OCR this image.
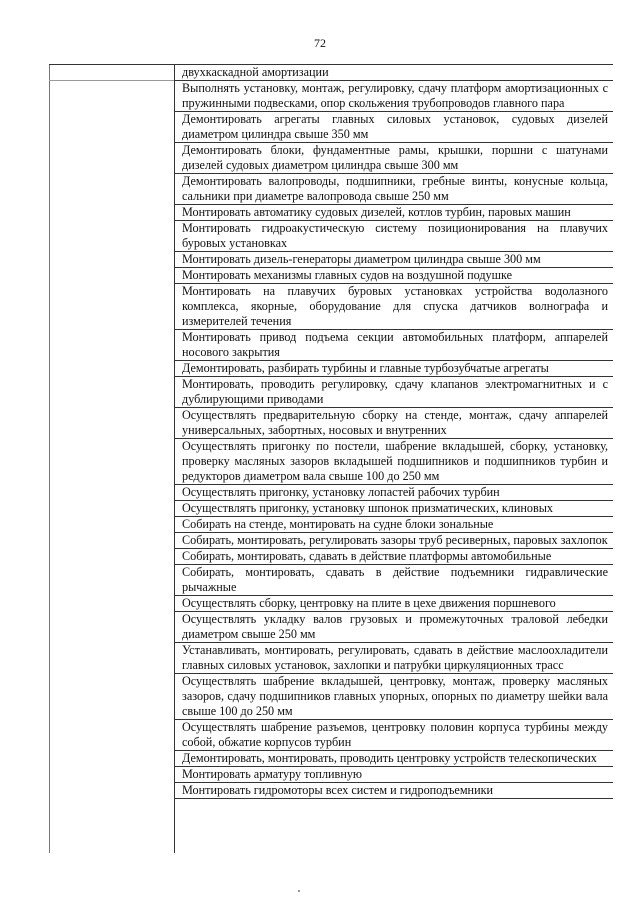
72
двухкаскадной амортизации
Выполнять установку, монтаж, регулировку, сдачу платформ амортизационных с пружинными подвесками, опор скольжения трубопроводов главного пара
Демонтировать агрегаты главных силовых установок, судовых дизелей диаметром цилиндра свыше 350 мм
Демонтировать блоки, фундаментные рамы, крышки, поршни с шатунами дизелей судовых диаметром цилиндра свыше 300 мм
Демонтировать валопроводы, подшипники, гребные винты, конусные кольца, сальники при диаметре валопровода свыше 250 мм
Монтировать автоматику судовых дизелей, котлов турбин, паровых машин
Монтировать гидроакустическую систему позиционирования на плавучих буровых установках
Монтировать дизель-генераторы диаметром цилиндра свыше 300 мм
Монтировать механизмы главных судов на воздушной подушке
Монтировать на плавучих буровых установках устройства водолазного комплекса, якорные, оборудование для спуска датчиков волнографа и измерителей течения
Монтировать привод подъема секции автомобильных платформ, аппарелей носового закрытия
Демонтировать, разбирать турбины и главные турбозубчатые агрегаты
Монтировать, проводить регулировку, сдачу клапанов электромагнитных и с дублирующими приводами
Осуществлять предварительную сборку на стенде, монтаж, сдачу аппарелей универсальных, забортных, носовых и внутренних
Осуществлять пригонку по постели, шабрение вкладышей, сборку, установку, проверку масляных зазоров вкладышей подшипников и подшипников турбин и редукторов диаметром вала свыше 100 до 250 мм
Осуществлять пригонку, установку лопастей рабочих турбин
Осуществлять пригонку, установку шпонок призматических, клиновых
Собирать на стенде, монтировать на судне блоки зональные
Собирать, монтировать, регулировать зазоры труб ресиверных, паровых захлопок
Собирать, монтировать, сдавать в действие платформы автомобильные
Собирать, монтировать, сдавать в действие подъемники гидравлические рычажные
Осуществлять сборку, центровку на плите в цехе движения поршневого
Осуществлять укладку валов грузовых и промежуточных траловой лебедки диаметром свыше 250 мм
Устанавливать, монтировать, регулировать, сдавать в действие маслоохладители главных силовых установок, захлопки и патрубки циркуляционных трасс
Осуществлять шабрение вкладышей, центровку, монтаж, проверку масляных зазоров, сдачу подшипников главных упорных, опорных по диаметру шейки вала свыше 100 до 250 мм
Осуществлять шабрение разъемов, центровку половин корпуса турбины между собой, обжатие корпусов турбин
Демонтировать, монтировать, проводить центровку устройств телескопических
Монтировать арматуру топливную
Монтировать гидромоторы всех систем и гидроподъемники
